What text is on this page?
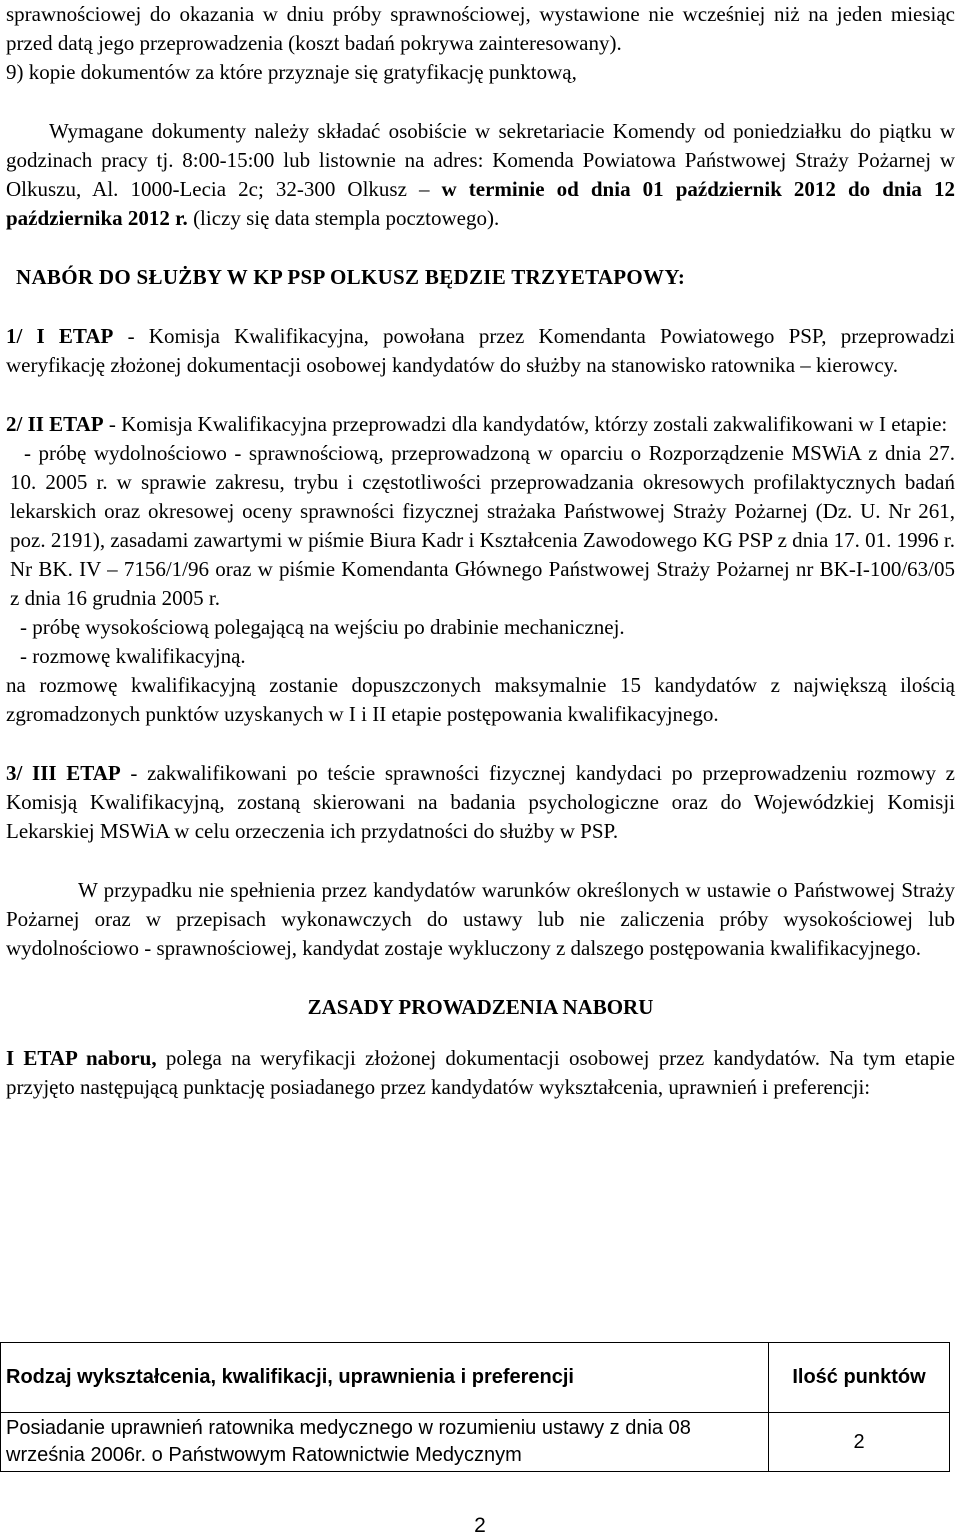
sprawnościowej do okazania w dniu próby sprawnościowej, wystawione nie wcześniej niż na jeden miesiąc przed datą jego przeprowadzenia (koszt badań pokrywa zainteresowany).

9) kopie dokumentów za które przyznaje się gratyfikację punktową,

Wymagane dokumenty należy składać osobiście w sekretariacie Komendy od poniedziałku do piątku w godzinach pracy tj. 8:00-15:00 lub listownie na adres: Komenda Powiatowa Państwowej Straży Pożarnej w Olkuszu, Al. 1000-Lecia 2c; 32-300 Olkusz – w terminie od dnia 01 październik 2012 do dnia 12 października 2012 r. (liczy się data stempla pocztowego).

NABÓR DO SŁUŻBY W KP PSP OLKUSZ BĘDZIE TRZYETAPOWY:

1/ I ETAP - Komisja Kwalifikacyjna, powołana przez Komendanta Powiatowego PSP, przeprowadzi weryfikację złożonej dokumentacji osobowej kandydatów do służby na stanowisko ratownika – kierowcy.

2/ II ETAP - Komisja Kwalifikacyjna przeprowadzi dla kandydatów, którzy zostali zakwalifikowani w I etapie:

- próbę wydolnościowo - sprawnościową, przeprowadzoną w oparciu o Rozporządzenie MSWiA z dnia 27. 10. 2005 r. w sprawie zakresu, trybu i częstotliwości przeprowadzania okresowych profilaktycznych badań lekarskich oraz okresowej oceny sprawności fizycznej strażaka Państwowej Straży Pożarnej (Dz. U. Nr 261, poz. 2191), zasadami zawartymi w piśmie Biura Kadr i Kształcenia Zawodowego KG PSP z dnia 17. 01. 1996 r. Nr BK. IV – 7156/1/96 oraz w piśmie Komendanta Głównego Państwowej Straży Pożarnej nr BK-I-100/63/05 z dnia 16 grudnia 2005 r.

- próbę wysokościową polegającą na wejściu po drabinie mechanicznej.

- rozmowę kwalifikacyjną.

na rozmowę kwalifikacyjną zostanie dopuszczonych maksymalnie 15 kandydatów z największą ilością zgromadzonych punktów uzyskanych w I i II etapie postępowania kwalifikacyjnego.

3/ III ETAP - zakwalifikowani po teście sprawności fizycznej kandydaci po przeprowadzeniu rozmowy z Komisją Kwalifikacyjną, zostaną skierowani na badania psychologiczne oraz do Wojewódzkiej Komisji Lekarskiej MSWiA w celu orzeczenia ich przydatności do służby w PSP.

W przypadku nie spełnienia przez kandydatów warunków określonych w ustawie o Państwowej Straży Pożarnej oraz w przepisach wykonawczych do ustawy lub nie zaliczenia próby wysokościowej lub wydolnościowo - sprawnościowej, kandydat zostaje wykluczony z dalszego postępowania kwalifikacyjnego.

ZASADY PROWADZENIA NABORU

I ETAP naboru, polega na weryfikacji złożonej dokumentacji osobowej przez kandydatów. Na tym etapie przyjęto następującą punktację posiadanego przez kandydatów wykształcenia, uprawnień i preferencji:

Rodzaj wykształcenia, kwalifikacji, uprawnienia i preferencji	Ilość punktów
Posiadanie uprawnień ratownika medycznego w rozumieniu ustawy z dnia 08 września 2006r. o Państwowym Ratownictwie Medycznym	2
2
